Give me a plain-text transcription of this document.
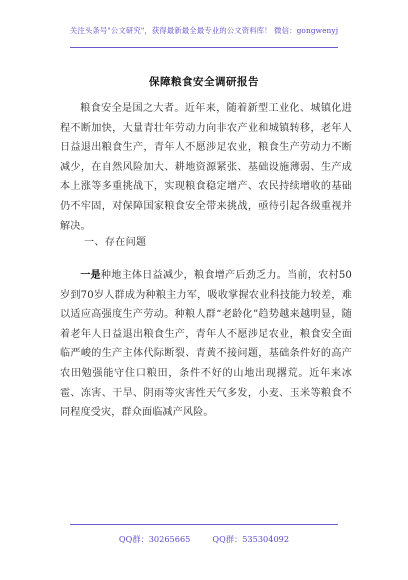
关注头条号"公文研究"，获得最新最全最专业的公文资料库！ 微信：gongwenyj
保障粮食安全调研报告

粮食安全是国之大者。近年来，随着新型工业化、城镇化进程不断加快，大量青壮年劳动力向非农产业和城镇转移，老年人日益退出粮食生产，青年人不愿涉足农业，粮食生产劳动力不断减少，在自然风险加大、耕地资源紧张、基础设施薄弱、生产成本上涨等多重挑战下，实现粮食稳定增产、农民持续增收的基础仍不牢固，对保障国家粮食安全带来挑战，亟待引起各级重视并解决。

一、存在问题

一是种地主体日益减少，粮食增产后劲乏力。当前，农村50岁到70岁人群成为种粮主力军，吸收掌握农业科技能力较差，难以适应高强度生产劳动。种粮人群“老龄化”趋势越来越明显，随着老年人日益退出粮食生产，青年人不愿涉足农业，粮食安全面临严峻的生产主体代际断裂、青黄不接问题，基础条件好的高产农田勉强能守住口粮田，条件不好的山地出现撂荒。近年来冰雹、冻害、干旱、阴雨等灾害性天气多发，小麦、玉米等粮食不同程度受灾，群众面临减产风险。

QQ群：30265665	QQ群：535304092
